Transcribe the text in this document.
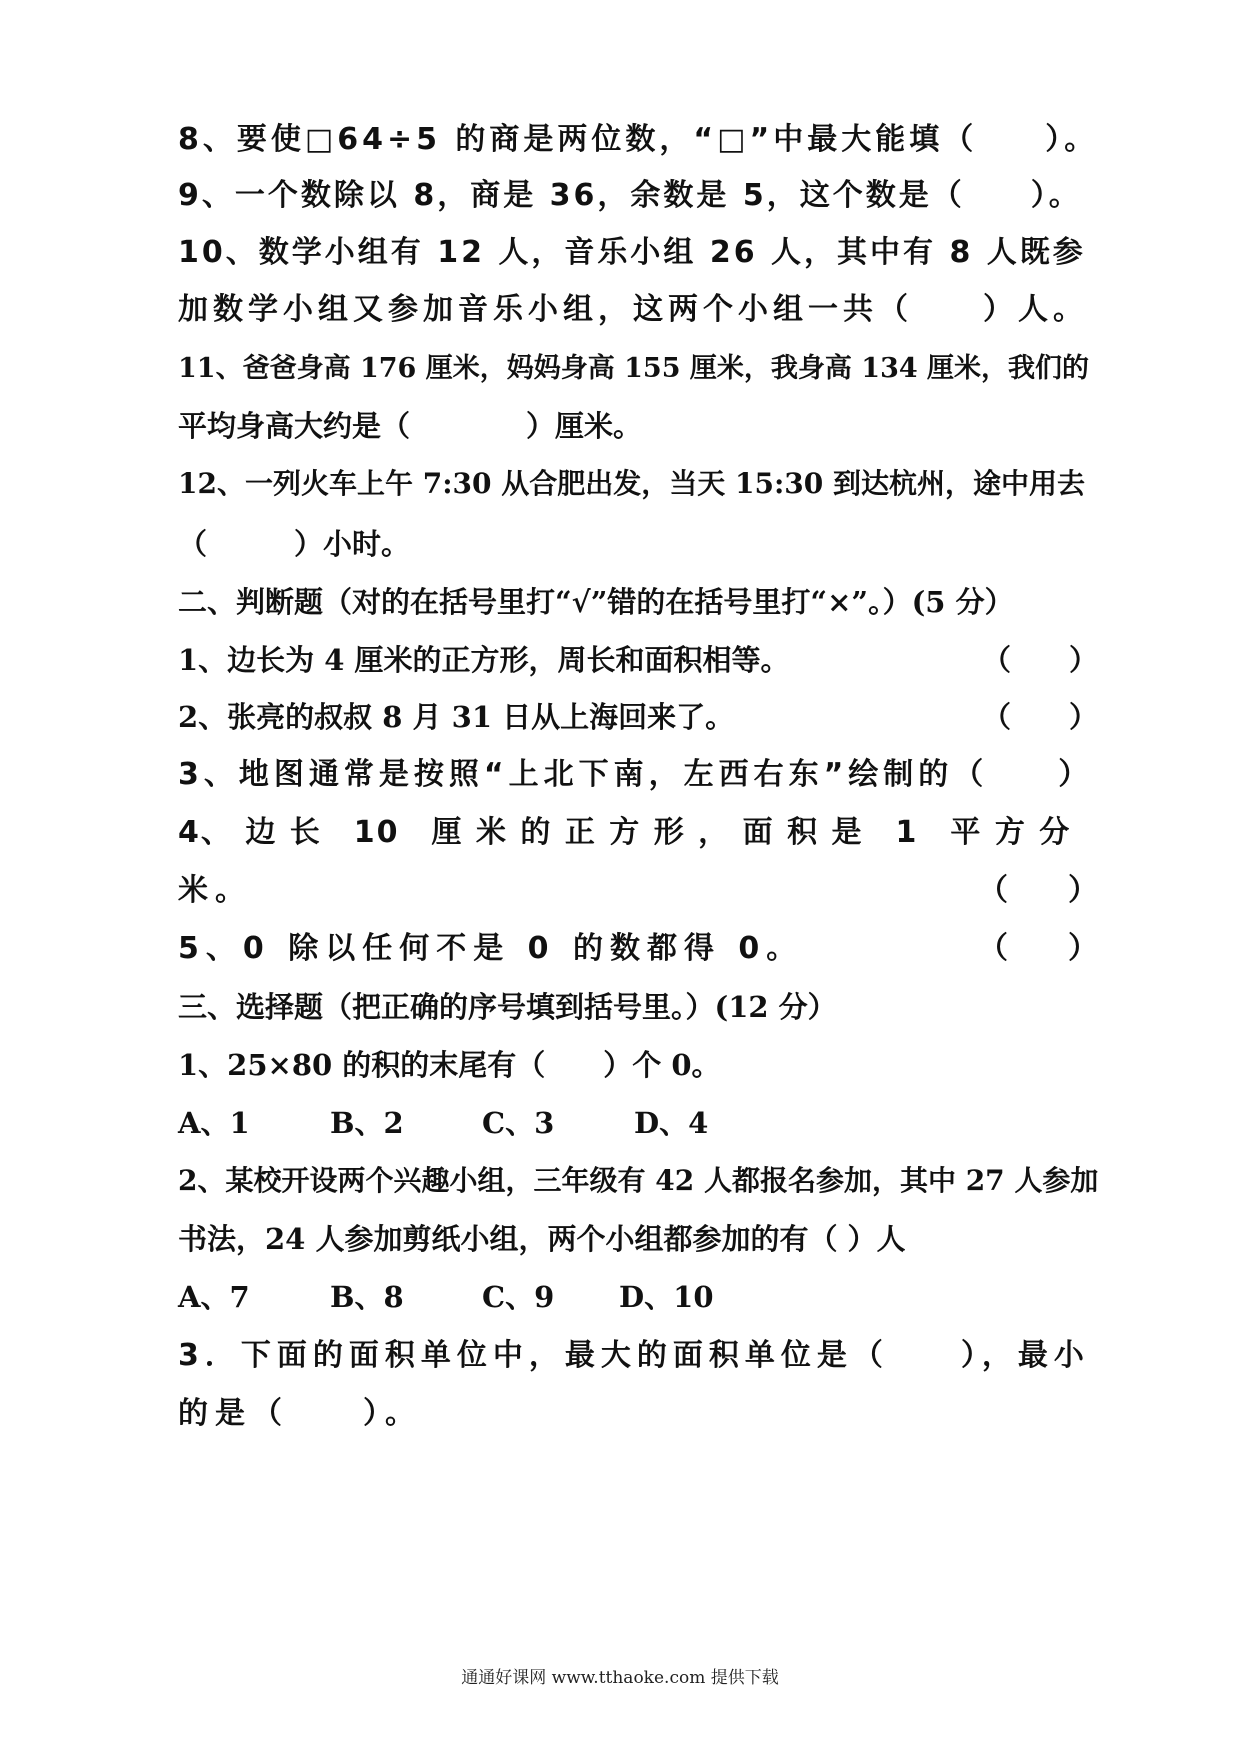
8、要使□64÷5 的商是两位数，“□”中最大能填（　　）。
9、一个数除以 8，商是 36，余数是 5，这个数是（　　）。
10、数学小组有 12 人，音乐小组 26 人，其中有 8 人既参
加数学小组又参加音乐小组，这两个小组一共（　　）人。
11、爸爸身高 176 厘米，妈妈身高 155 厘米，我身高 134 厘米，我们的
平均身高大约是（　　　　）厘米。
12、一列火车上午 7:30 从合肥出发，当天 15:30 到达杭州，途中用去
（　　　）小时。
二、判断题（对的在括号里打“√”错的在括号里打“×”。）(5 分）
1、边长为 4 厘米的正方形，周长和面积相等。	（　　）
2、张亮的叔叔 8 月 31 日从上海回来了。	（　　）
3、地图通常是按照“上北下南，左西右东”绘制的（　　）
4、 边 长　10　厘 米 的 正 方 形 ， 面 积 是　1　平 方 分
米。	（　　）
5、0 除以任何不是 0 的数都得 0。	（　　）
三、选择题（把正确的序号填到括号里。）(12 分）
1、25×80 的积的末尾有（　　）个 0。
A、1	B、2	C、3	D、4
2、某校开设两个兴趣小组，三年级有 42 人都报名参加，其中 27 人参加
书法，24 人参加剪纸小组，两个小组都参加的有（ ）人
A、7	B、8	C、9 D、10
3．下面的面积单位中，最大的面积单位是（　　），最小
的是（　　）。
通通好课网 www.tthaoke.com 提供下载
